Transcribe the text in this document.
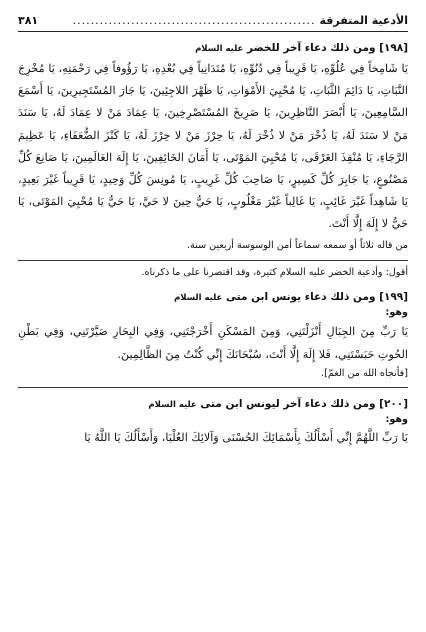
الأدعية المتفرقة
......................................................
٣٨١
[١٩٨] ومن ذلك دعاء آخر للخضر عليه السلام
يَا شَامِخاً فِي عُلُوِّهِ، يَا قَرِيباً فِي دُنُوِّهِ، يَا مُتَدَانِياً فِي بُعْدِهِ، يَا رَؤُوفاً فِي رَحْمَتِهِ، يَا مُخْرِجَ النَّبَاتِ، يَا دَائِمَ الثَّبَاتِ، يَا مُحْيِيَ الأَمْوَاتِ، يَا ظَهْرَ اللاجِئِينَ، يَا جَارَ المُسْتَجِيرِينَ، يَا أَسْمَعَ السَّامِعِينَ، يَا أَبْصَرَ النَّاظِرِينَ، يَا صَرِيخَ المُسْتَصْرِخِينَ، يَا عِمَادَ مَنْ لا عِمَادَ لَهُ، يَا سَنَدَ مَنْ لا سَنَدَ لَهُ، يَا ذُخْرَ مَنْ لا ذُخْرَ لَهُ، يَا حِرْزَ مَنْ لا حِرْزَ لَهُ، يَا كَنْزَ الضُّعَفَاءِ، يَا عَظِيمَ الرَّجَاءِ، يَا مُنْقِذَ الغَرْقَى، يَا مُحْيِيَ المَوْتَى، يَا أَمَانَ الخَائِفِينَ، يَا إِلَهَ العَالَمِينَ، يَا صَانِعَ كُلِّ مَصْنُوعٍ، يَا جَابِرَ كُلِّ كَسِيرٍ، يَا صَاحِبَ كُلِّ غَرِيبٍ، يَا مُونِسَ كُلِّ وَحِيدٍ، يَا قَرِيباً غَيْرَ بَعِيدٍ، يَا شَاهِداً غَيْرَ غَائِبٍ، يَا غَالِباً غَيْرَ مَغْلُوبٍ، يَا حَيُّ حِينَ لا حَيَّ، يَا حَيُّ يَا مُحْيِيَ المَوْتَى، يَا حَيُّ لا إِلَهَ إِلَّا أَنْتَ.
من قاله ثلاثاً أو سمعه سماعاً أمن الوسوسة أربعين سنة.
أقول: وأدعية الخضر عليه السلام كثيرة، وقد اقتصرنا على ما ذكرناه.
[١٩٩] ومن ذلك دعاء يونس ابن متى عليه السلام
وهو:
يَا رَبِّ مِنَ الجِبَالِ أَنْزَلْتَنِي، وَمِنَ المَسْكَنِ أَخْرَجْتَنِي، وَفِي البِحَارِ صَيَّرْتَنِي، وَفِي بَطْنِ الحُوتِ حَبَسْتَنِي، فَلا إِلَهَ إِلَّا أَنْتَ، سُبْحَانَكَ إِنِّي كُنْتُ مِنَ الظَّالِمِينَ.
[فأنجاه الله من الغمّ].
[٢٠٠] ومن ذلك دعاء آخر ليونس ابن متى عليه السلام
وهو:
يَا رَبِّ اللَّهُمَّ إِنِّي أَسْأَلُكَ بِأَسْمَائِكَ الحُسْنَى وَآلائِكَ العُلْيَا، وَأَسْأَلُكَ يَا اللَّهُ يَا
